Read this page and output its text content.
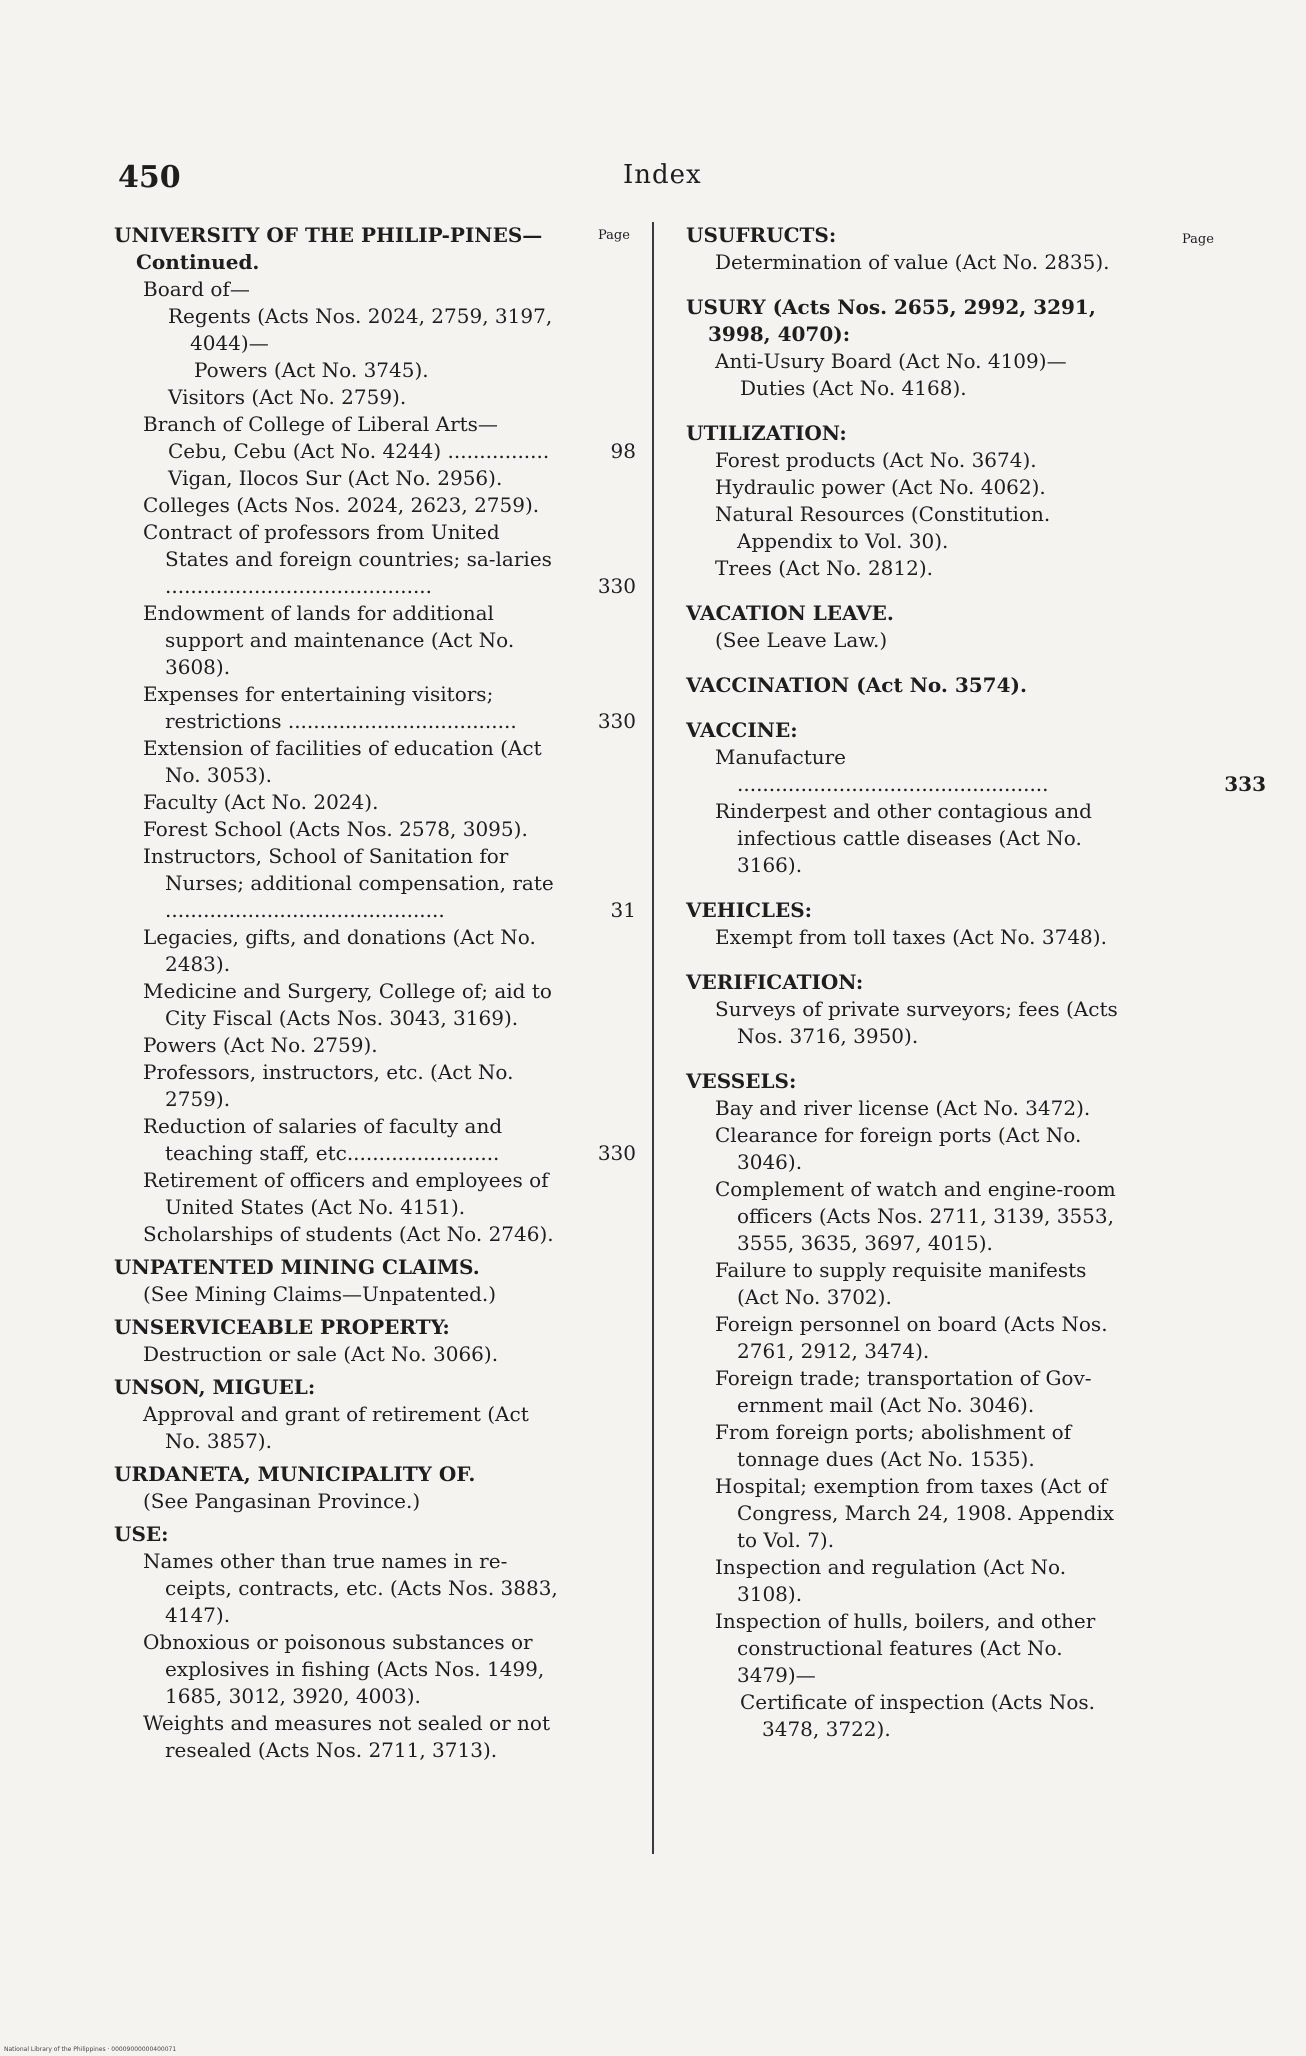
450	Index
Page	Page
UNIVERSITY OF THE PHILIP-PINES—Continued.
Board of—
Regents (Acts Nos. 2024, 2759, 3197, 4044)—
Powers (Act No. 3745).
Visitors (Act No. 2759).
Branch of College of Liberal Arts—
Cebu, Cebu (Act No. 4244) ................	98
Vigan, Ilocos Sur (Act No. 2956).
Colleges (Acts Nos. 2024, 2623, 2759).
Contract of professors from United States and foreign countries; sa-laries ..........................................	330
Endowment of lands for additional support and maintenance (Act No. 3608).
Expenses for entertaining visitors; restrictions ....................................	330
Extension of facilities of education (Act No. 3053).
Faculty (Act No. 2024).
Forest School (Acts Nos. 2578, 3095).
Instructors, School of Sanitation for Nurses; additional compensation, rate ............................................	31
Legacies, gifts, and donations (Act No. 2483).
Medicine and Surgery, College of; aid to City Fiscal (Acts Nos. 3043, 3169).
Powers (Act No. 2759).
Professors, instructors, etc. (Act No. 2759).
Reduction of salaries of faculty and teaching staff, etc........................	330
Retirement of officers and employees of United States (Act No. 4151).
Scholarships of students (Act No. 2746).
UNPATENTED MINING CLAIMS.
(See Mining Claims—Unpatented.)
UNSERVICEABLE PROPERTY:
Destruction or sale (Act No. 3066).
UNSON, MIGUEL:
Approval and grant of retirement (Act No. 3857).
URDANETA, MUNICIPALITY OF.
(See Pangasinan Province.)
USE:
Names other than true names in re-ceipts, contracts, etc. (Acts Nos. 3883, 4147).
Obnoxious or poisonous substances or explosives in fishing (Acts Nos. 1499, 1685, 3012, 3920, 4003).
Weights and measures not sealed or not resealed (Acts Nos. 2711, 3713).
USUFRUCTS:
Determination of value (Act No. 2835).
USURY (Acts Nos. 2655, 2992, 3291, 3998, 4070):
Anti-Usury Board (Act No. 4109)—
Duties (Act No. 4168).
UTILIZATION:
Forest products (Act No. 3674).
Hydraulic power (Act No. 4062).
Natural Resources (Constitution. Appendix to Vol. 30).
Trees (Act No. 2812).
VACATION LEAVE.
(See Leave Law.)
VACCINATION (Act No. 3574).
VACCINE:
Manufacture .................................................	333
Rinderpest and other contagious and infectious cattle diseases (Act No. 3166).
VEHICLES:
Exempt from toll taxes (Act No. 3748).
VERIFICATION:
Surveys of private surveyors; fees (Acts Nos. 3716, 3950).
VESSELS:
Bay and river license (Act No. 3472).
Clearance for foreign ports (Act No. 3046).
Complement of watch and engine-room officers (Acts Nos. 2711, 3139, 3553, 3555, 3635, 3697, 4015).
Failure to supply requisite manifests (Act No. 3702).
Foreign personnel on board (Acts Nos. 2761, 2912, 3474).
Foreign trade; transportation of Gov-ernment mail (Act No. 3046).
From foreign ports; abolishment of tonnage dues (Act No. 1535).
Hospital; exemption from taxes (Act of Congress, March 24, 1908. Appendix to Vol. 7).
Inspection and regulation (Act No. 3108).
Inspection of hulls, boilers, and other constructional features (Act No. 3479)—
Certificate of inspection (Acts Nos. 3478, 3722).
National Library of the Philippines · 00009000000400071
